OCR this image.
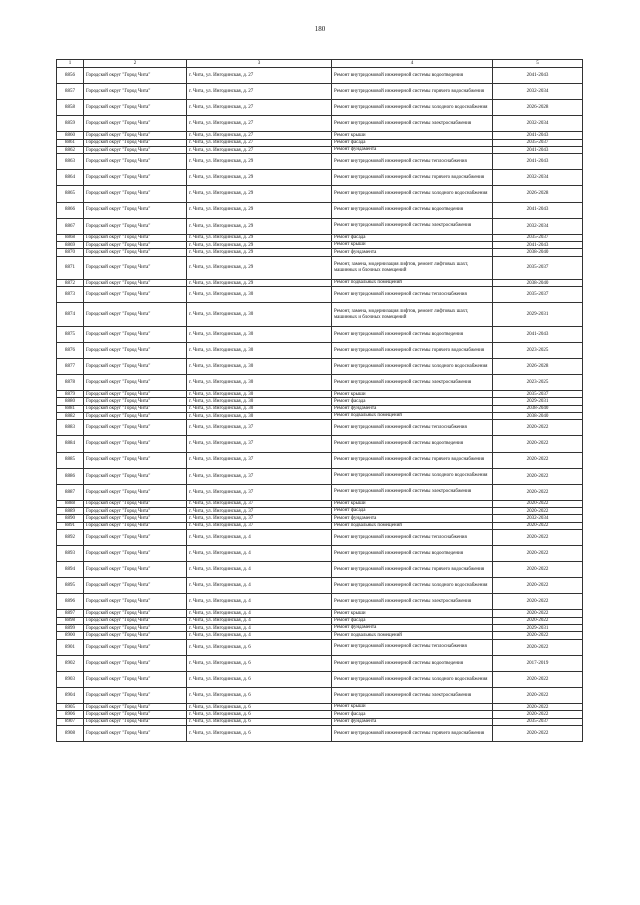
180
1	2	3	4	5
8856	Городской округ "Город Чита"	г. Чита, ул. Ингодинская, д. 27	Ремонт внутридомовой инженерной системы водоотведения	2041-2043
8857	Городской округ "Город Чита"	г. Чита, ул. Ингодинская, д. 27	Ремонт внутридомовой инженерной системы горячего водоснабжения	2032-2034
8858	Городской округ "Город Чита"	г. Чита, ул. Ингодинская, д. 27	Ремонт внутридомовой инженерной системы холодного водоснабжения	2026-2028
8859	Городской округ "Город Чита"	г. Чита, ул. Ингодинская, д. 27	Ремонт внутридомовой инженерной системы электроснабжения	2032-2034
8860	Городской округ "Город Чита"	г. Чита, ул. Ингодинская, д. 27	Ремонт крыши	2041-2043
8861	Городской округ "Город Чита"	г. Чита, ул. Ингодинская, д. 27	Ремонт фасада	2035-2037
8862	Городской округ "Город Чита"	г. Чита, ул. Ингодинская, д. 27	Ремонт фундамента	2041-2043
8863	Городской округ "Город Чита"	г. Чита, ул. Ингодинская, д. 29	Ремонт внутридомовой инженерной системы теплоснабжения	2041-2043
8864	Городской округ "Город Чита"	г. Чита, ул. Ингодинская, д. 29	Ремонт внутридомовой инженерной системы горячего водоснабжения	2032-2034
8865	Городской округ "Город Чита"	г. Чита, ул. Ингодинская, д. 29	Ремонт внутридомовой инженерной системы холодного водоснабжения	2026-2028
8866	Городской округ "Город Чита"	г. Чита, ул. Ингодинская, д. 29	Ремонт внутридомовой инженерной системы водоотведения	2041-2043
8867	Городской округ "Город Чита"	г. Чита, ул. Ингодинская, д. 29	Ремонт внутридомовой инженерной системы электроснабжения	2032-2034
8868	Городской округ "Город Чита"	г. Чита, ул. Ингодинская, д. 29	Ремонт фасада	2035-2037
8869	Городской округ "Город Чита"	г. Чита, ул. Ингодинская, д. 29	Ремонт крыши	2041-2043
8870	Городской округ "Город Чита"	г. Чита, ул. Ингодинская, д. 29	Ремонт фундамента	2038-2040
8871	Городской округ "Город Чита"	г. Чита, ул. Ингодинская, д. 29	Ремонт, замена, модернизация лифтов, ремонт лифтовых шахт, машинных и блочных помещений	2035-2037
8872	Городской округ "Город Чита"	г. Чита, ул. Ингодинская, д. 29	Ремонт подвальных помещений	2038-2040
8873	Городской округ "Город Чита"	г. Чита, ул. Ингодинская, д. 30	Ремонт внутридомовой инженерной системы теплоснабжения	2035-2037
8874	Городской округ "Город Чита"	г. Чита, ул. Ингодинская, д. 30	Ремонт, замена, модернизация лифтов, ремонт лифтовых шахт, машинных и блочных помещений	2029-2031
8875	Городской округ "Город Чита"	г. Чита, ул. Ингодинская, д. 30	Ремонт внутридомовой инженерной системы водоотведения	2041-2043
8876	Городской округ "Город Чита"	г. Чита, ул. Ингодинская, д. 30	Ремонт внутридомовой инженерной системы горячего водоснабжения	2023-2025
8877	Городской округ "Город Чита"	г. Чита, ул. Ингодинская, д. 30	Ремонт внутридомовой инженерной системы холодного водоснабжения	2026-2028
8878	Городской округ "Город Чита"	г. Чита, ул. Ингодинская, д. 30	Ремонт внутридомовой инженерной системы электроснабжения	2023-2025
8879	Городской округ "Город Чита"	г. Чита, ул. Ингодинская, д. 30	Ремонт крыши	2035-2037
8880	Городской округ "Город Чита"	г. Чита, ул. Ингодинская, д. 30	Ремонт фасада	2029-2031
8881	Городской округ "Город Чита"	г. Чита, ул. Ингодинская, д. 30	Ремонт фундамента	2038-2040
8882	Городской округ "Город Чита"	г. Чита, ул. Ингодинская, д. 30	Ремонт подвальных помещений	2038-2040
8883	Городской округ "Город Чита"	г. Чита, ул. Ингодинская, д. 37	Ремонт внутридомовой инженерной системы теплоснабжения	2020-2022
8884	Городской округ "Город Чита"	г. Чита, ул. Ингодинская, д. 37	Ремонт внутридомовой инженерной системы водоотведения	2020-2022
8885	Городской округ "Город Чита"	г. Чита, ул. Ингодинская, д. 37	Ремонт внутридомовой инженерной системы горячего водоснабжения	2020-2022
8886	Городской округ "Город Чита"	г. Чита, ул. Ингодинская, д. 37	Ремонт внутридомовой инженерной системы холодного водоснабжения	2020-2022
8887	Городской округ "Город Чита"	г. Чита, ул. Ингодинская, д. 37	Ремонт внутридомовой инженерной системы электроснабжения	2020-2022
8888	Городской округ "Город Чита"	г. Чита, ул. Ингодинская, д. 37	Ремонт крыши	2020-2022
8889	Городской округ "Город Чита"	г. Чита, ул. Ингодинская, д. 37	Ремонт фасада	2020-2022
8890	Городской округ "Город Чита"	г. Чита, ул. Ингодинская, д. 37	Ремонт фундамента	2032-2034
8891	Городской округ "Город Чита"	г. Чита, ул. Ингодинская, д. 37	Ремонт подвальных помещений	2020-2022
8892	Городской округ "Город Чита"	г. Чита, ул. Ингодинская, д. 4	Ремонт внутридомовой инженерной системы теплоснабжения	2020-2022
8893	Городской округ "Город Чита"	г. Чита, ул. Ингодинская, д. 4	Ремонт внутридомовой инженерной системы водоотведения	2020-2022
8894	Городской округ "Город Чита"	г. Чита, ул. Ингодинская, д. 4	Ремонт внутридомовой инженерной системы горячего водоснабжения	2020-2022
8895	Городской округ "Город Чита"	г. Чита, ул. Ингодинская, д. 4	Ремонт внутридомовой инженерной системы холодного водоснабжения	2020-2022
8896	Городской округ "Город Чита"	г. Чита, ул. Ингодинская, д. 4	Ремонт внутридомовой инженерной системы электроснабжения	2020-2022
8897	Городской округ "Город Чита"	г. Чита, ул. Ингодинская, д. 4	Ремонт крыши	2020-2022
8898	Городской округ "Город Чита"	г. Чита, ул. Ингодинская, д. 4	Ремонт фасада	2020-2022
8899	Городской округ "Город Чита"	г. Чита, ул. Ингодинская, д. 4	Ремонт фундамента	2029-2031
8900	Городской округ "Город Чита"	г. Чита, ул. Ингодинская, д. 4	Ремонт подвальных помещений	2020-2022
8901	Городской округ "Город Чита"	г. Чита, ул. Ингодинская, д. 6	Ремонт внутридомовой инженерной системы теплоснабжения	2020-2022
8902	Городской округ "Город Чита"	г. Чита, ул. Ингодинская, д. 6	Ремонт внутридомовой инженерной системы водоотведения	2017-2019
8903	Городской округ "Город Чита"	г. Чита, ул. Ингодинская, д. 6	Ремонт внутридомовой инженерной системы холодного водоснабжения	2020-2022
8904	Городской округ "Город Чита"	г. Чита, ул. Ингодинская, д. 6	Ремонт внутридомовой инженерной системы электроснабжения	2020-2022
8905	Городской округ "Город Чита"	г. Чита, ул. Ингодинская, д. 6	Ремонт крыши	2020-2022
8906	Городской округ "Город Чита"	г. Чита, ул. Ингодинская, д. 6	Ремонт фасада	2020-2022
8907	Городской округ "Город Чита"	г. Чита, ул. Ингодинская, д. 6	Ремонт фундамента	2035-2037
8908	Городской округ "Город Чита"	г. Чита, ул. Ингодинская, д. 6	Ремонт внутридомовой инженерной системы горячего водоснабжения	2020-2022
